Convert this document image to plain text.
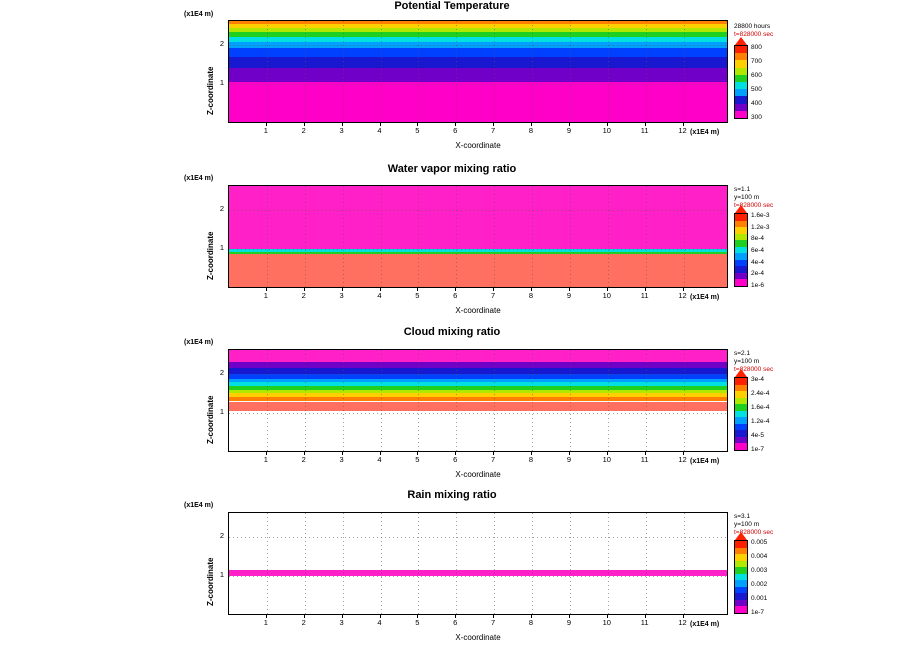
Potential Temperature
(x1E4 m)
Z-coordinate
X-coordinate
(x1E4 m)
28800 hours
t=828000 sec
300
400
500
600
700
800
1	2	3	4	5	6	7	8	9	10	11	12
1
2
Water vapor mixing ratio
(x1E4 m)
Z-coordinate
X-coordinate
(x1E4 m)
s=1.1
y=100 m
t=828000 sec
1e-6
2e-4
4e-4
6e-4
8e-4
1.2e-3
1.6e-3
1	2	3	4	5	6	7	8	9	10	11	12
1
2
Cloud mixing ratio
(x1E4 m)
Z-coordinate
X-coordinate
(x1E4 m)
s=2.1
y=100 m
t=828000 sec
1e-7
4e-5
1.2e-4
1.6e-4
2.4e-4
3e-4
1	2	3	4	5	6	7	8	9	10	11	12
1
2
Rain mixing ratio
(x1E4 m)
Z-coordinate
X-coordinate
(x1E4 m)
s=3.1
y=100 m
t=828000 sec
1e-7
0.001
0.002
0.003
0.004
0.005
1	2	3	4	5	6	7	8	9	10	11	12
1
2
